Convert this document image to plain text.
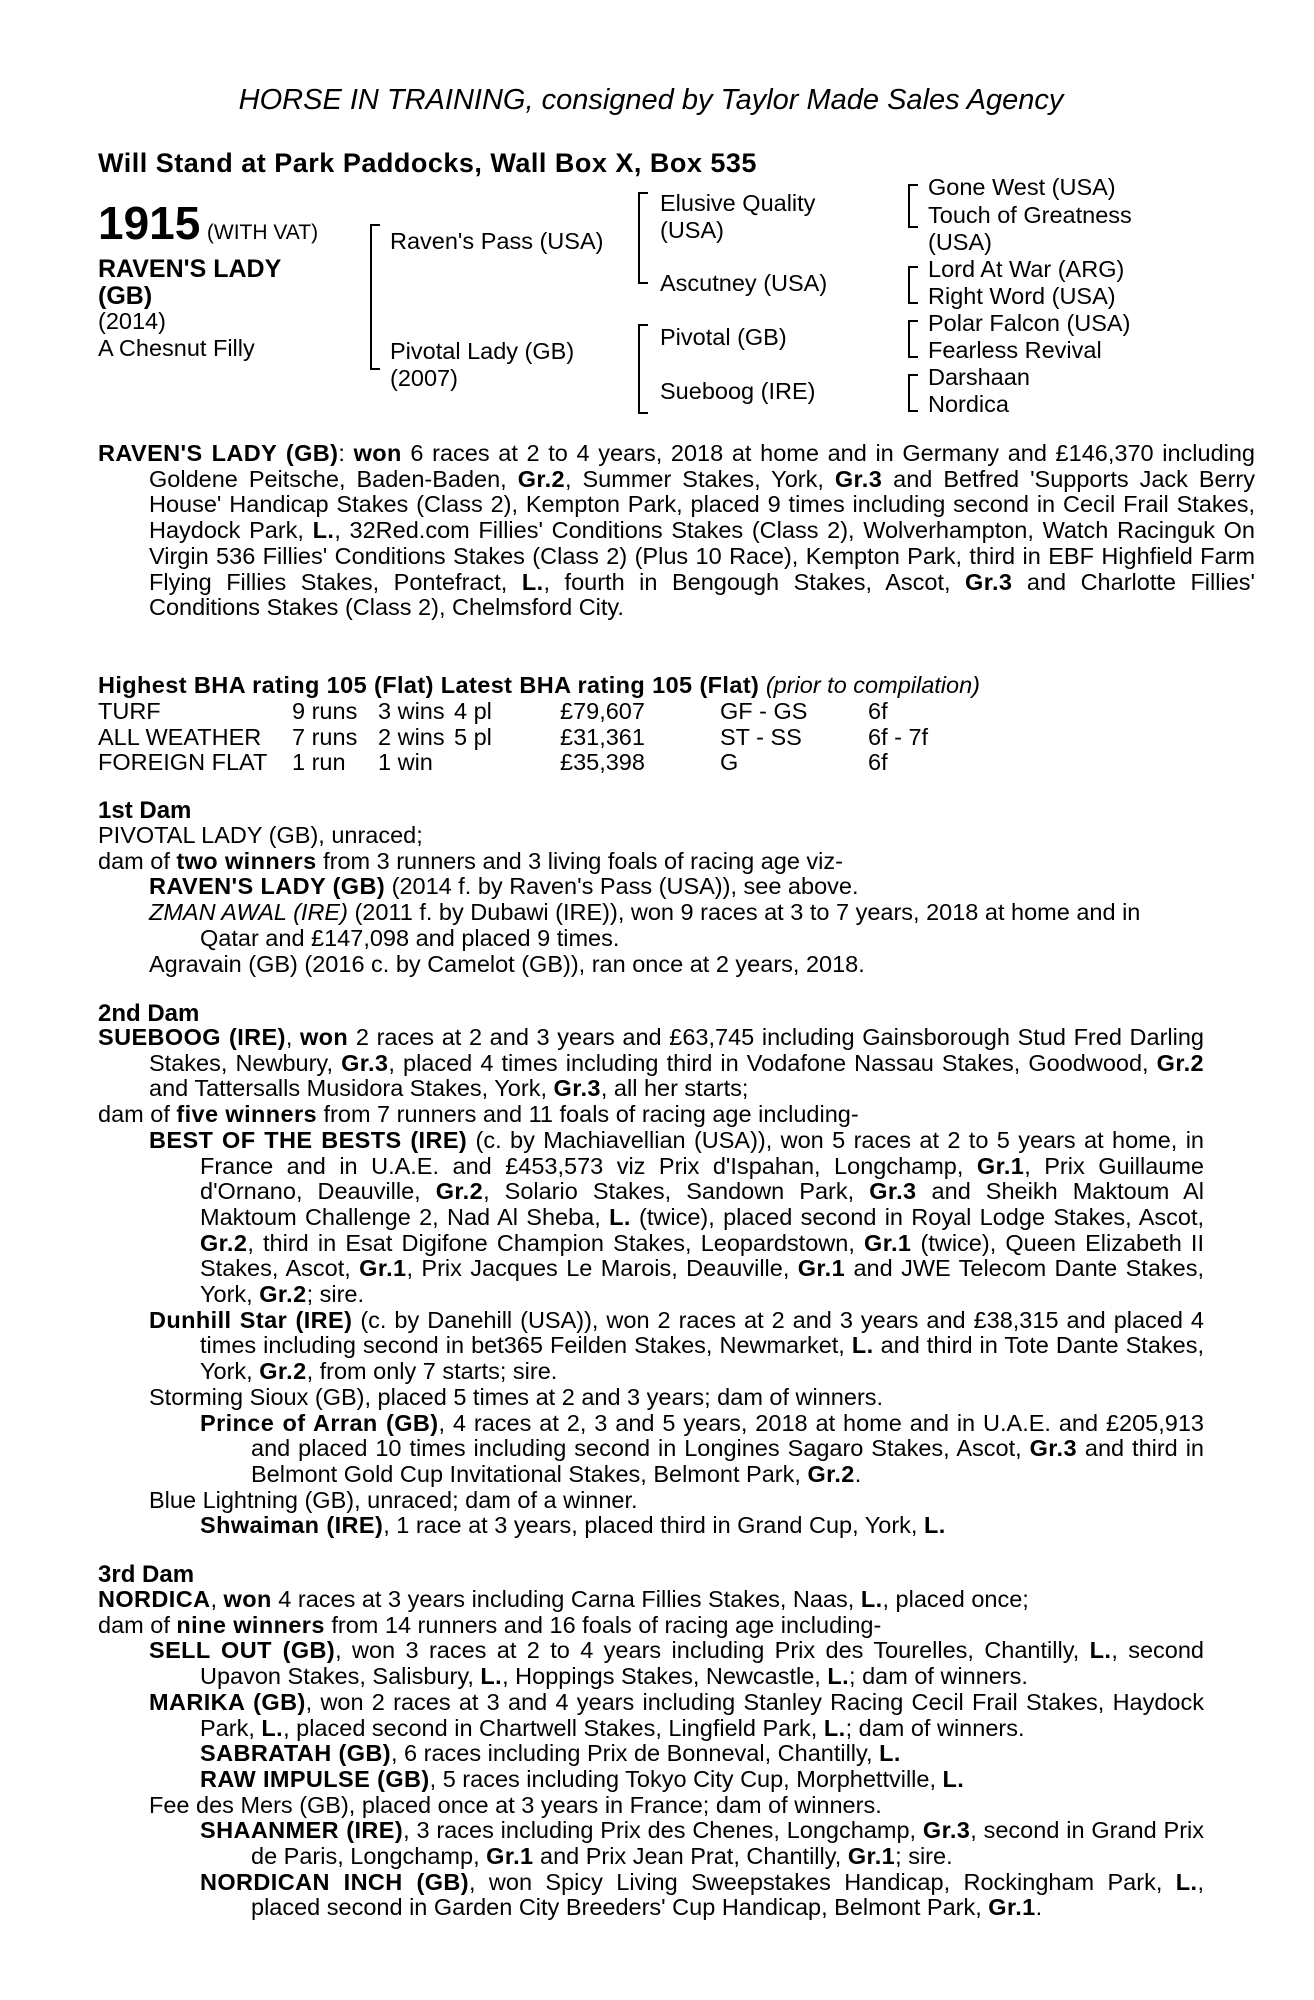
HORSE IN TRAINING, consigned by Taylor Made Sales Agency
Will Stand at Park Paddocks, Wall Box X, Box 535
1915 (WITH VAT)
RAVEN'S LADY
(GB)
(2014)
A Chesnut Filly
Raven's Pass (USA)
Pivotal Lady (GB)
(2007)
Elusive Quality
(USA)
Ascutney (USA)
Pivotal (GB)
Sueboog (IRE)
Gone West (USA)
Touch of Greatness
(USA)
Lord At War (ARG)
Right Word (USA)
Polar Falcon (USA)
Fearless Revival
Darshaan
Nordica
RAVEN'S LADY (GB): won 6 races at 2 to 4 years, 2018 at home and in Germany and £146,370 including Goldene Peitsche, Baden-Baden, Gr.2, Summer Stakes, York, Gr.3 and Betfred 'Supports Jack Berry House' Handicap Stakes (Class 2), Kempton Park, placed 9 times including second in Cecil Frail Stakes, Haydock Park, L., 32Red.com Fillies' Conditions Stakes (Class 2), Wolverhampton, Watch Racinguk On Virgin 536 Fillies' Conditions Stakes (Class 2) (Plus 10 Race), Kempton Park, third in EBF Highfield Farm Flying Fillies Stakes, Pontefract, L., fourth in Bengough Stakes, Ascot, Gr.3 and Charlotte Fillies' Conditions Stakes (Class 2), Chelmsford City.
Highest BHA rating 105 (Flat) Latest BHA rating 105 (Flat) (prior to compilation)
TURF	9 runs	3 wins	4 pl	£79,607	GF - GS	6f
ALL WEATHER	7 runs	2 wins	5 pl	£31,361	ST - SS	6f - 7f
FOREIGN FLAT	1 run	1 win		£35,398	G	6f
1st Dam
PIVOTAL LADY (GB), unraced;
dam of two winners from 3 runners and 3 living foals of racing age viz-
RAVEN'S LADY (GB) (2014 f. by Raven's Pass (USA)), see above.
ZMAN AWAL (IRE) (2011 f. by Dubawi (IRE)), won 9 races at 3 to 7 years, 2018 at home and in Qatar and £147,098 and placed 9 times.
Agravain (GB) (2016 c. by Camelot (GB)), ran once at 2 years, 2018.
2nd Dam
SUEBOOG (IRE), won 2 races at 2 and 3 years and £63,745 including Gainsborough Stud Fred Darling Stakes, Newbury, Gr.3, placed 4 times including third in Vodafone Nassau Stakes, Goodwood, Gr.2 and Tattersalls Musidora Stakes, York, Gr.3, all her starts;
dam of five winners from 7 runners and 11 foals of racing age including-
BEST OF THE BESTS (IRE) (c. by Machiavellian (USA)), won 5 races at 2 to 5 years at home, in France and in U.A.E. and £453,573 viz Prix d'Ispahan, Longchamp, Gr.1, Prix Guillaume d'Ornano, Deauville, Gr.2, Solario Stakes, Sandown Park, Gr.3 and Sheikh Maktoum Al Maktoum Challenge 2, Nad Al Sheba, L. (twice), placed second in Royal Lodge Stakes, Ascot, Gr.2, third in Esat Digifone Champion Stakes, Leopardstown, Gr.1 (twice), Queen Elizabeth II Stakes, Ascot, Gr.1, Prix Jacques Le Marois, Deauville, Gr.1 and JWE Telecom Dante Stakes, York, Gr.2; sire.
Dunhill Star (IRE) (c. by Danehill (USA)), won 2 races at 2 and 3 years and £38,315 and placed 4 times including second in bet365 Feilden Stakes, Newmarket, L. and third in Tote Dante Stakes, York, Gr.2, from only 7 starts; sire.
Storming Sioux (GB), placed 5 times at 2 and 3 years; dam of winners.
Prince of Arran (GB), 4 races at 2, 3 and 5 years, 2018 at home and in U.A.E. and £205,913 and placed 10 times including second in Longines Sagaro Stakes, Ascot, Gr.3 and third in Belmont Gold Cup Invitational Stakes, Belmont Park, Gr.2.
Blue Lightning (GB), unraced; dam of a winner.
Shwaiman (IRE), 1 race at 3 years, placed third in Grand Cup, York, L.
3rd Dam
NORDICA, won 4 races at 3 years including Carna Fillies Stakes, Naas, L., placed once;
dam of nine winners from 14 runners and 16 foals of racing age including-
SELL OUT (GB), won 3 races at 2 to 4 years including Prix des Tourelles, Chantilly, L., second Upavon Stakes, Salisbury, L., Hoppings Stakes, Newcastle, L.; dam of winners.
MARIKA (GB), won 2 races at 3 and 4 years including Stanley Racing Cecil Frail Stakes, Haydock Park, L., placed second in Chartwell Stakes, Lingfield Park, L.; dam of winners.
SABRATAH (GB), 6 races including Prix de Bonneval, Chantilly, L.
RAW IMPULSE (GB), 5 races including Tokyo City Cup, Morphettville, L.
Fee des Mers (GB), placed once at 3 years in France; dam of winners.
SHAANMER (IRE), 3 races including Prix des Chenes, Longchamp, Gr.3, second in Grand Prix de Paris, Longchamp, Gr.1 and Prix Jean Prat, Chantilly, Gr.1; sire.
NORDICAN INCH (GB), won Spicy Living Sweepstakes Handicap, Rockingham Park, L., placed second in Garden City Breeders' Cup Handicap, Belmont Park, Gr.1.
